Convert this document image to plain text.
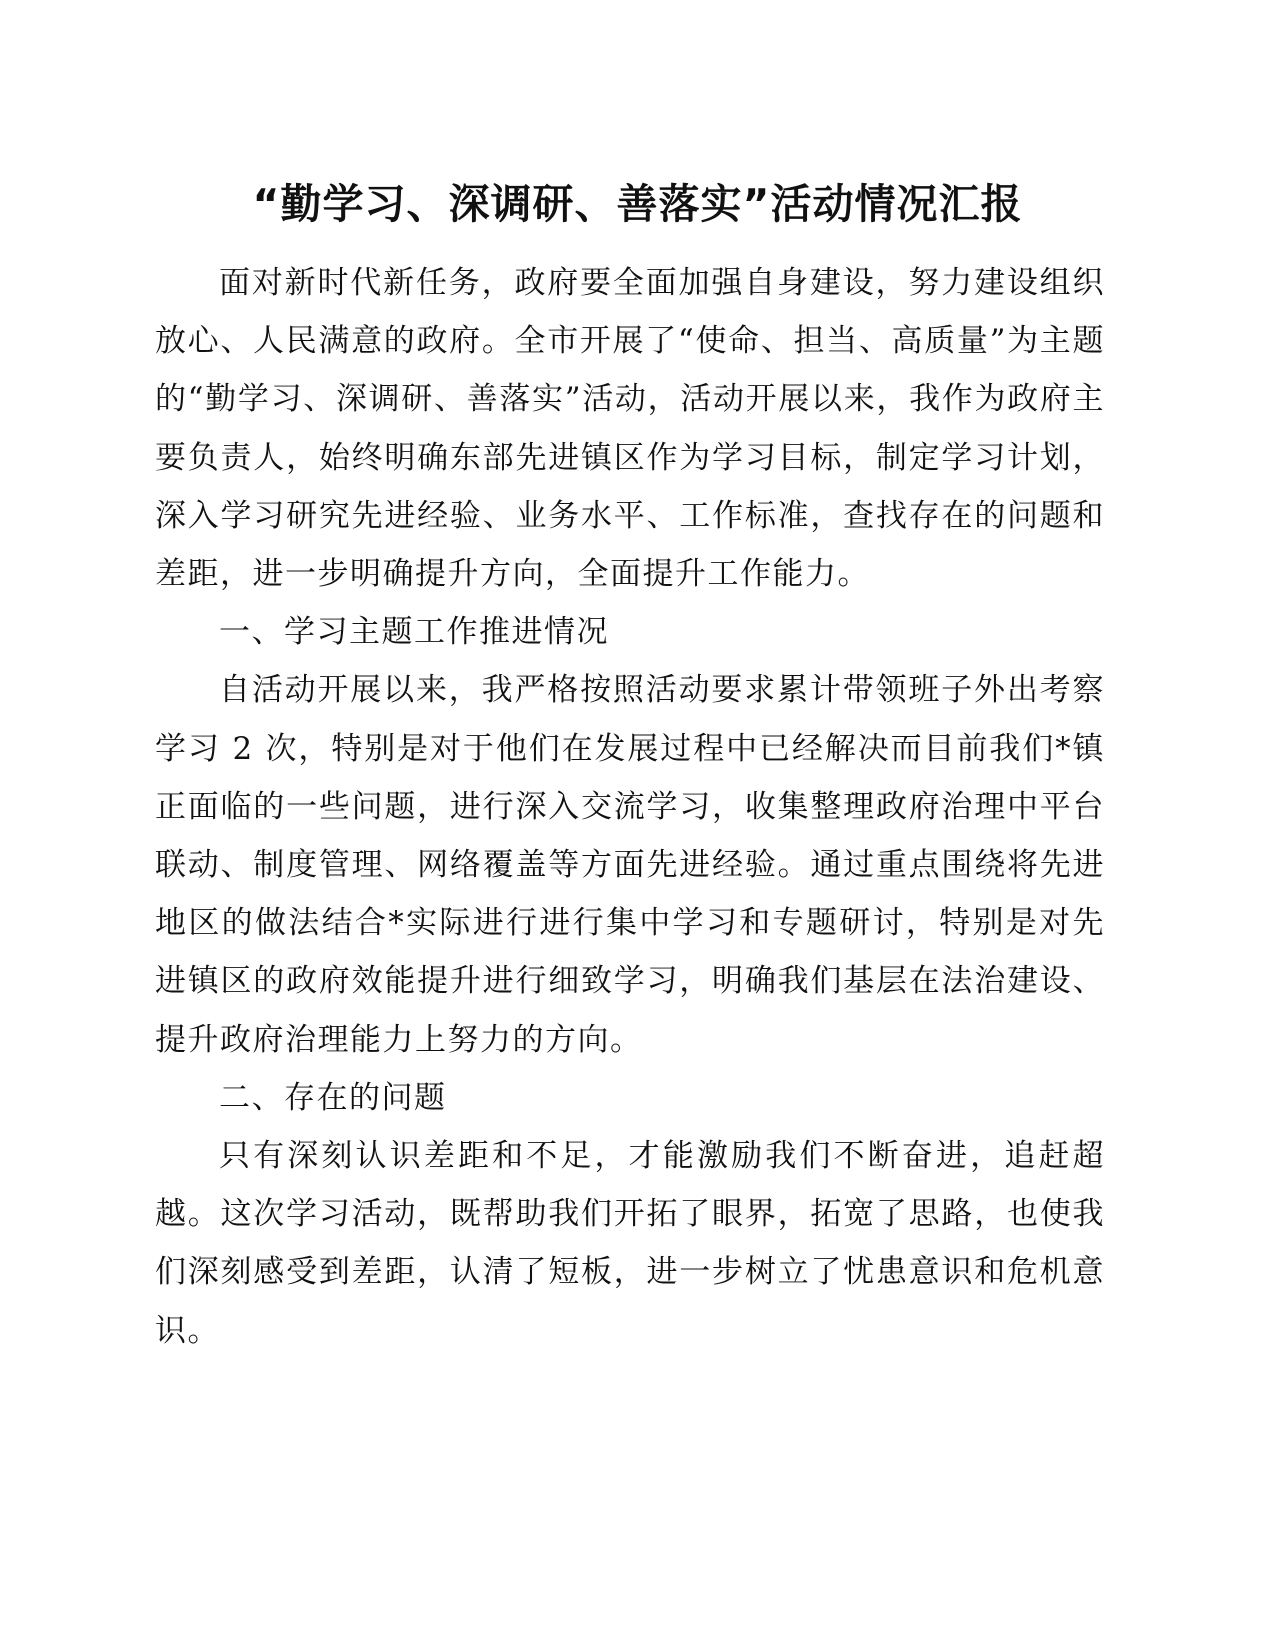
“勤学习、深调研、善落实”活动情况汇报

面对新时代新任务，政府要全面加强自身建设，努力建设组织放心、人民满意的政府。全市开展了“使命、担当、高质量”为主题的“勤学习、深调研、善落实”活动，活动开展以来，我作为政府主要负责人，始终明确东部先进镇区作为学习目标，制定学习计划，深入学习研究先进经验、业务水平、工作标准，查找存在的问题和差距，进一步明确提升方向，全面提升工作能力。

一、学习主题工作推进情况

自活动开展以来，我严格按照活动要求累计带领班子外出考察学习 2 次，特别是对于他们在发展过程中已经解决而目前我们*镇正面临的一些问题，进行深入交流学习，收集整理政府治理中平台联动、制度管理、网络覆盖等方面先进经验。通过重点围绕将先进地区的做法结合*实际进行进行集中学习和专题研讨，特别是对先进镇区的政府效能提升进行细致学习，明确我们基层在法治建设、提升政府治理能力上努力的方向。

二、存在的问题

只有深刻认识差距和不足，才能激励我们不断奋进，追赶超越。这次学习活动，既帮助我们开拓了眼界，拓宽了思路，也使我们深刻感受到差距，认清了短板，进一步树立了忧患意识和危机意识。
